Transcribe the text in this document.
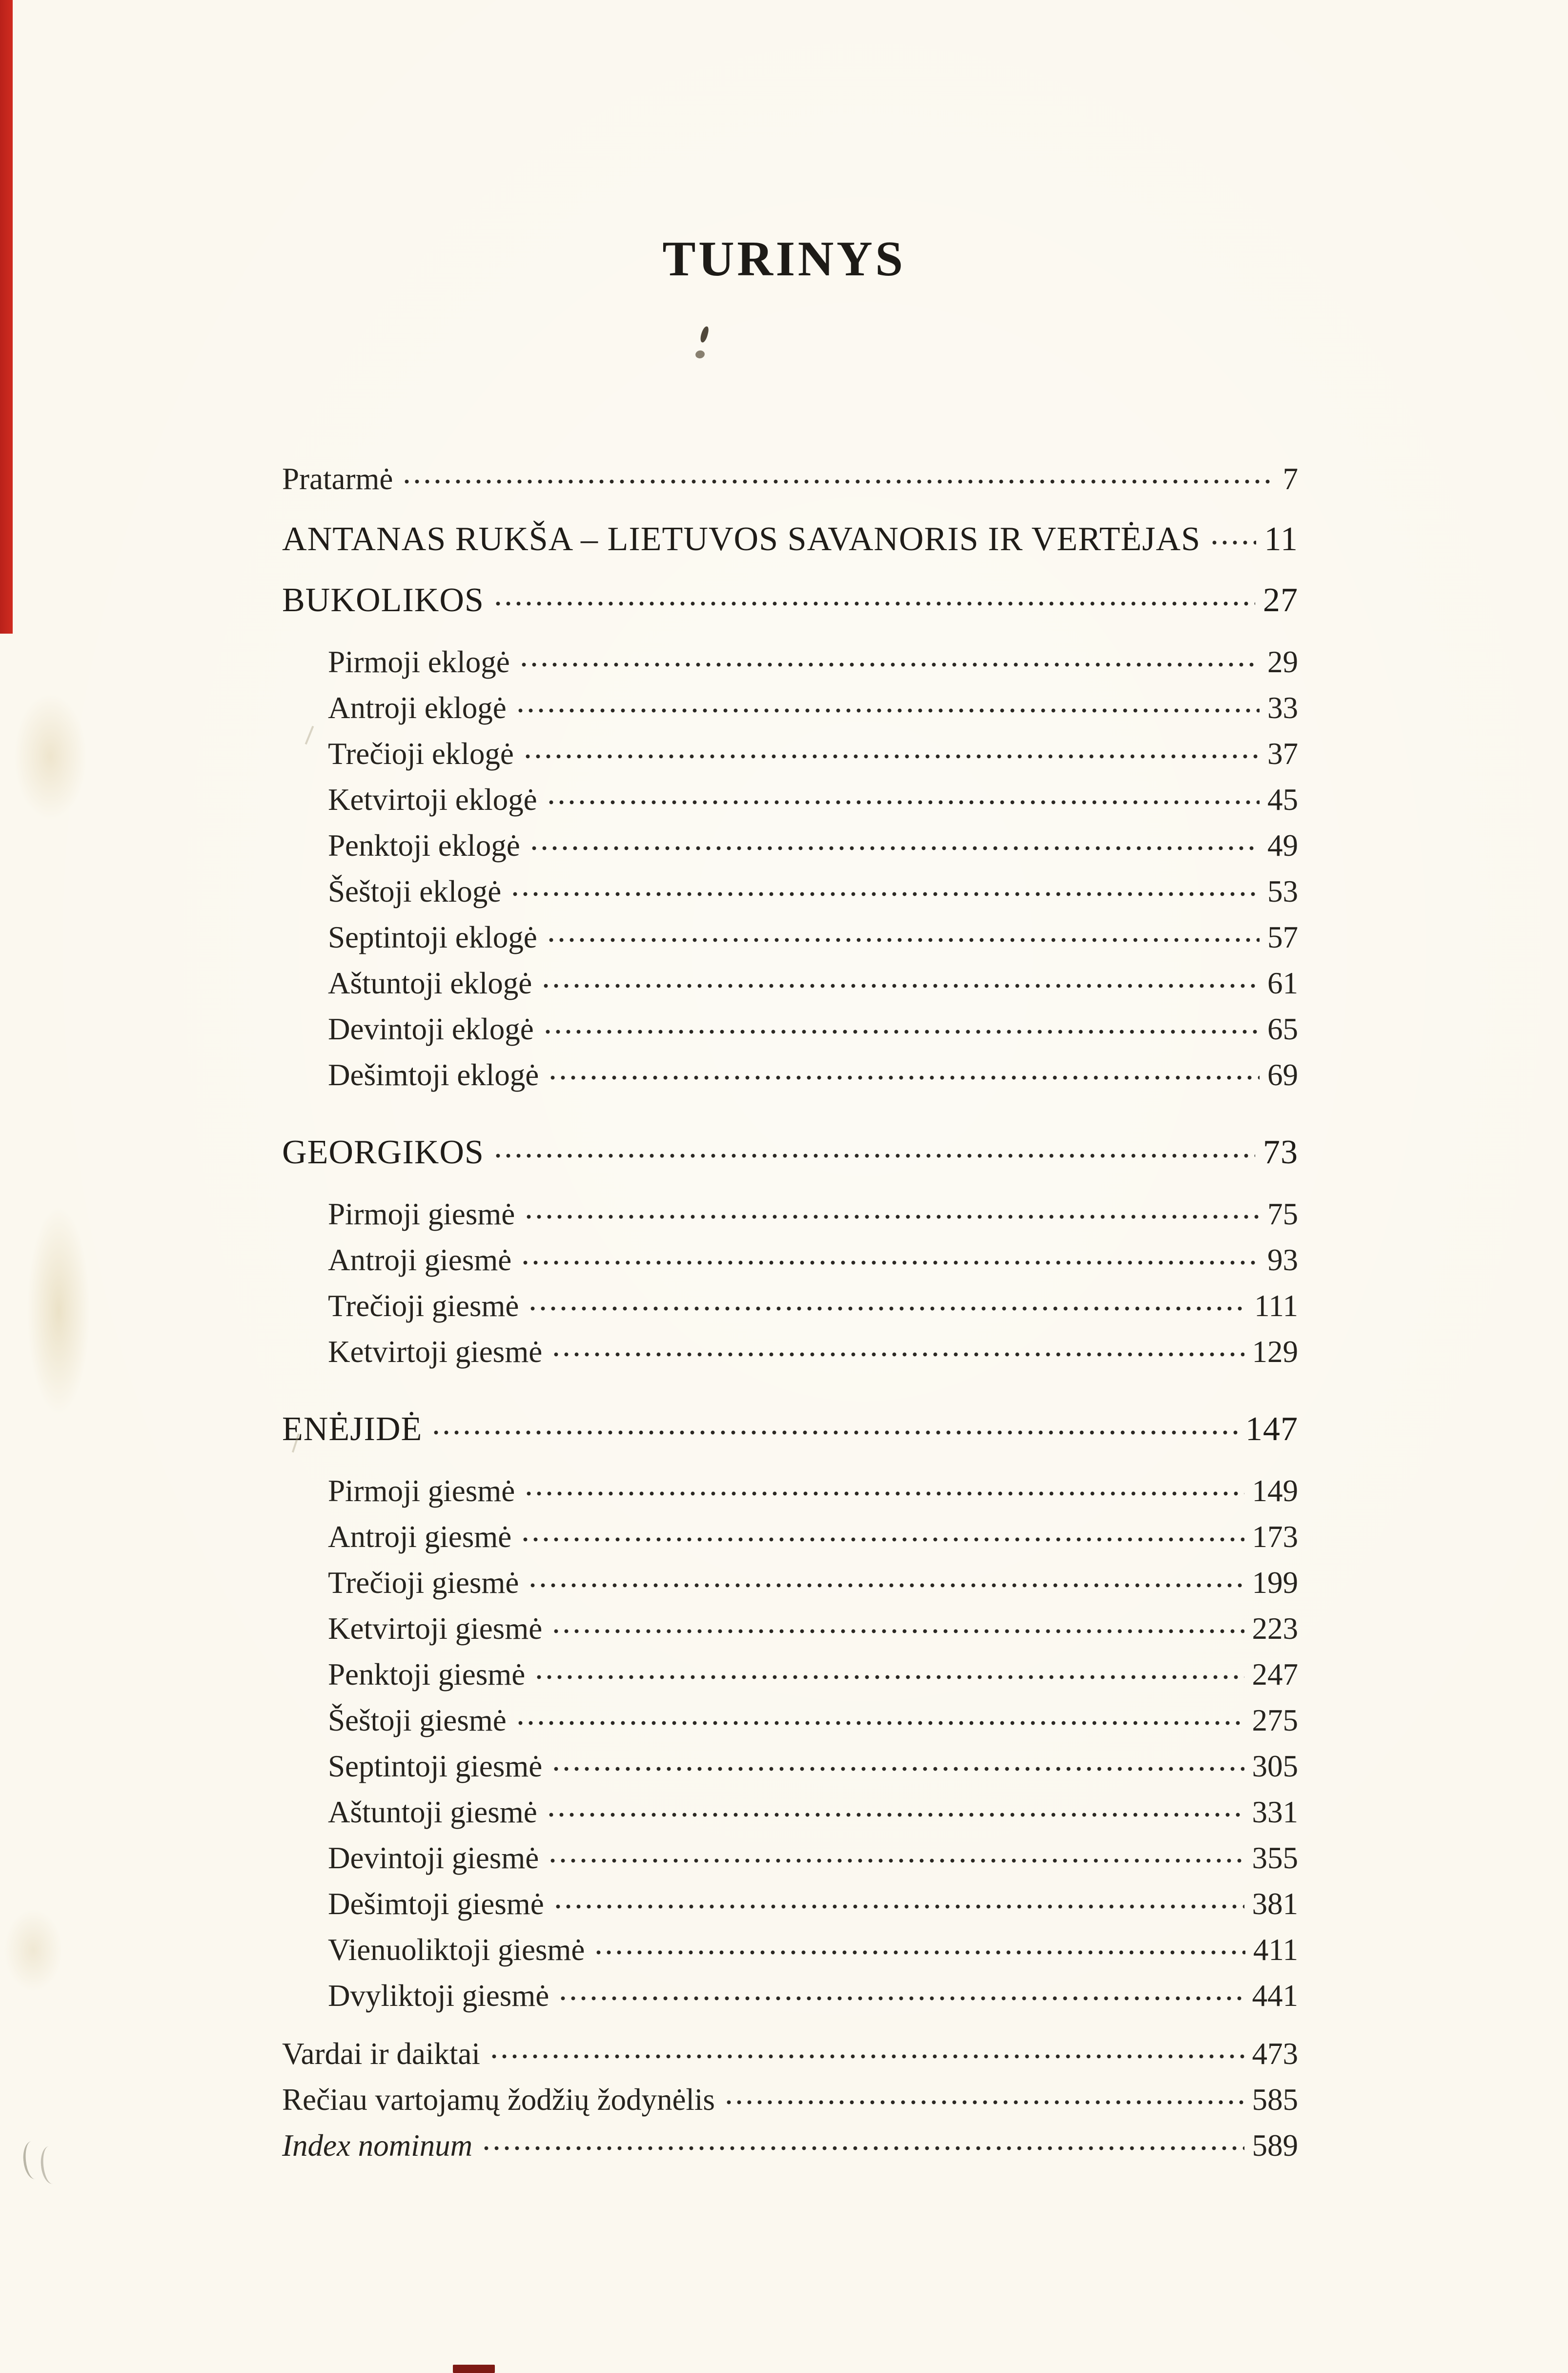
TURINYS
Pratarmė	7
ANTANAS RUKŠA – LIETUVOS SAVANORIS IR VERTĖJAS 11
BUKOLIKOS	27
Pirmoji eklogė	29
Antroji eklogė	33
Trečioji eklogė	37
Ketvirtoji eklogė	45
Penktoji eklogė	49
Šeštoji eklogė	53
Septintoji eklogė	57
Aštuntoji eklogė	61
Devintoji eklogė	65
Dešimtoji eklogė	69
GEORGIKOS	73
Pirmoji giesmė	75
Antroji giesmė	93
Trečioji giesmė	111
Ketvirtoji giesmė	129
ENĖJIDĖ	147
Pirmoji giesmė	149
Antroji giesmė	173
Trečioji giesmė	199
Ketvirtoji giesmė	223
Penktoji giesmė	247
Šeštoji giesmė	275
Septintoji giesmė	305
Aštuntoji giesmė	331
Devintoji giesmė	355
Dešimtoji giesmė	381
Vienuoliktoji giesmė	411
Dvyliktoji giesmė	441
Vardai ir daiktai	473
Rečiau vartojamų žodžių žodynėlis	585
Index nominum	589
